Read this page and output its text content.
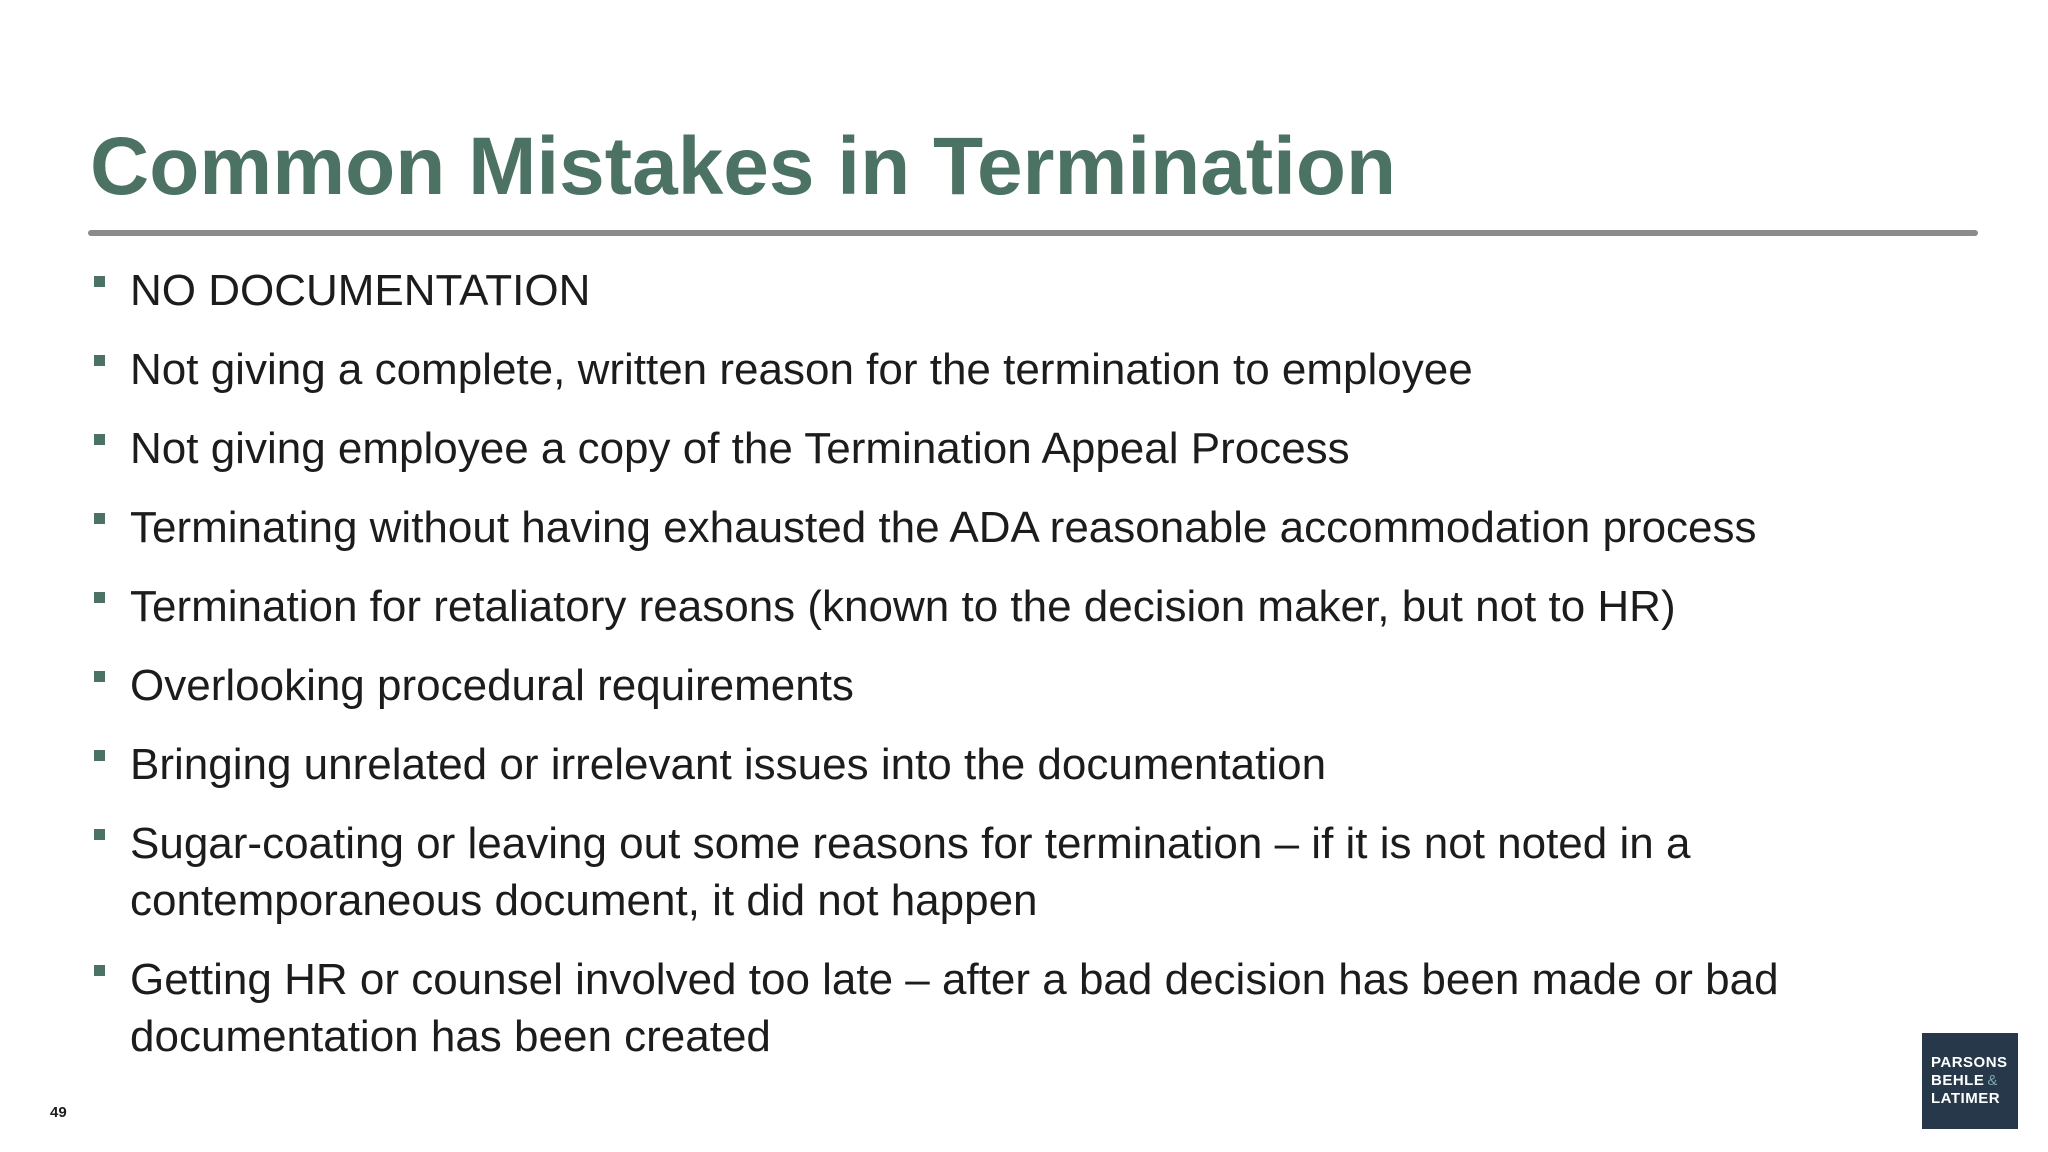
Common Mistakes in Termination
NO DOCUMENTATION
Not giving a complete, written reason for the termination to employee
Not giving employee a copy of the Termination Appeal Process
Terminating without having exhausted the ADA reasonable accommodation process
Termination for retaliatory reasons (known to the decision maker, but not to HR)
Overlooking procedural requirements
Bringing unrelated or irrelevant issues into the documentation
Sugar-coating or leaving out some reasons for termination – if it is not noted in a contemporaneous document, it did not happen
Getting HR or counsel involved too late – after a bad decision has been made or bad documentation has been created
49
PARSONS
BEHLE &
LATIMER
